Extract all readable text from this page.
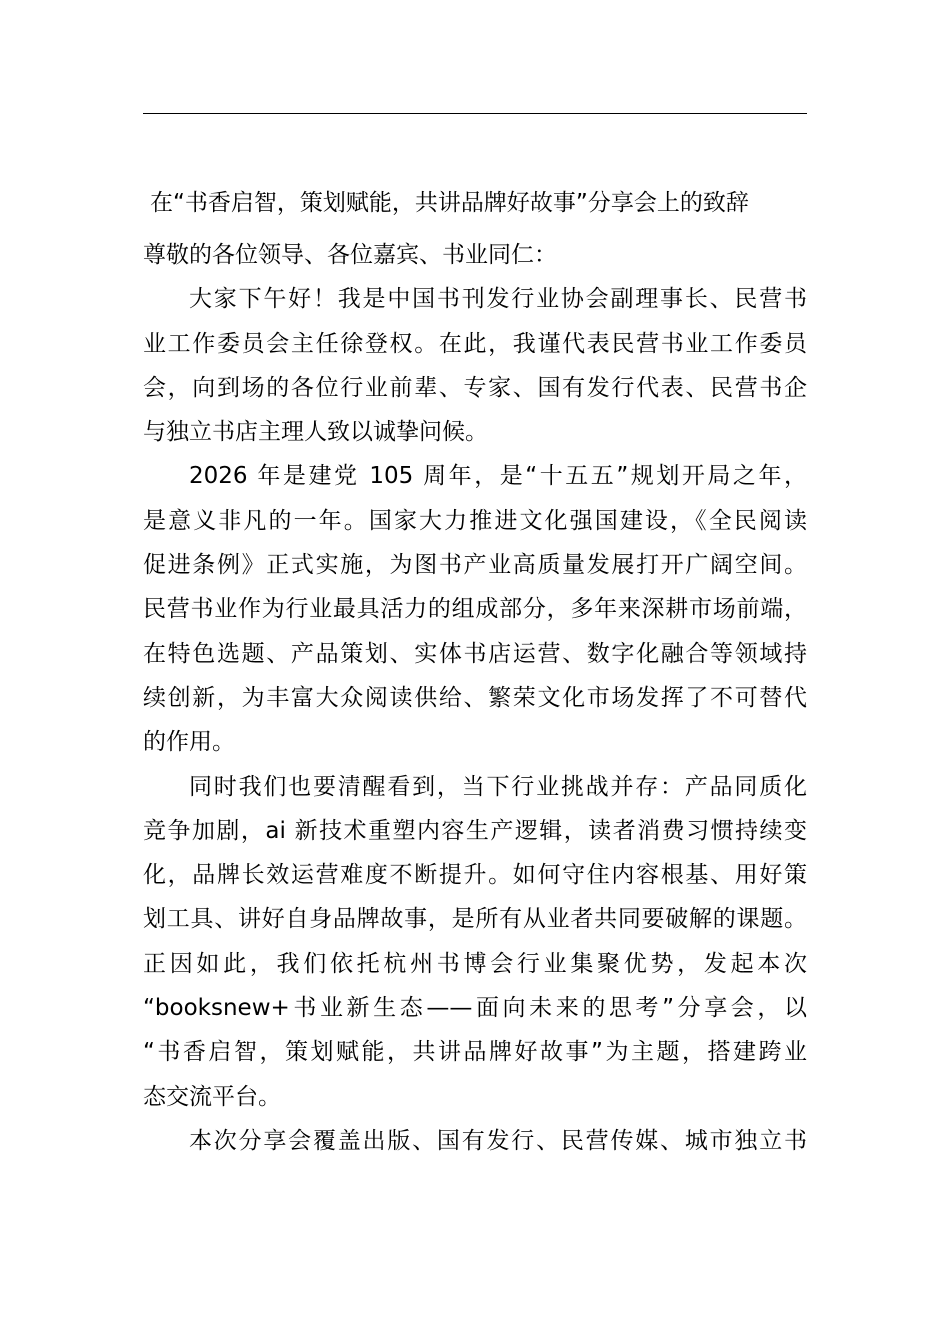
在“书香启智，策划赋能，共讲品牌好故事”分享会上的致辞

尊敬的各位领导、各位嘉宾、书业同仁：

大家下午好！我是中国书刊发行业协会副理事长、民营书
业工作委员会主任徐登权。在此，我谨代表民营书业工作委员
会，向到场的各位行业前辈、专家、国有发行代表、民营书企
与独立书店主理人致以诚挚问候。
2026 年是建党 105 周年，是“十五五”规划开局之年，
是意义非凡的一年。国家大力推进文化强国建设，《全民阅读
促进条例》正式实施，为图书产业高质量发展打开广阔空间。
民营书业作为行业最具活力的组成部分，多年来深耕市场前端，
在特色选题、产品策划、实体书店运营、数字化融合等领域持
续创新，为丰富大众阅读供给、繁荣文化市场发挥了不可替代
的作用。
同时我们也要清醒看到，当下行业挑战并存：产品同质化
竞争加剧，ai 新技术重塑内容生产逻辑，读者消费习惯持续变
化，品牌长效运营难度不断提升。如何守住内容根基、用好策
划工具、讲好自身品牌故事，是所有从业者共同要破解的课题。
正因如此，我们依托杭州书博会行业集聚优势，发起本次
“booksnew+书业新生态——面向未来的思考”分享会，以
“书香启智，策划赋能，共讲品牌好故事”为主题，搭建跨业
态交流平台。
本次分享会覆盖出版、国有发行、民营传媒、城市独立书
